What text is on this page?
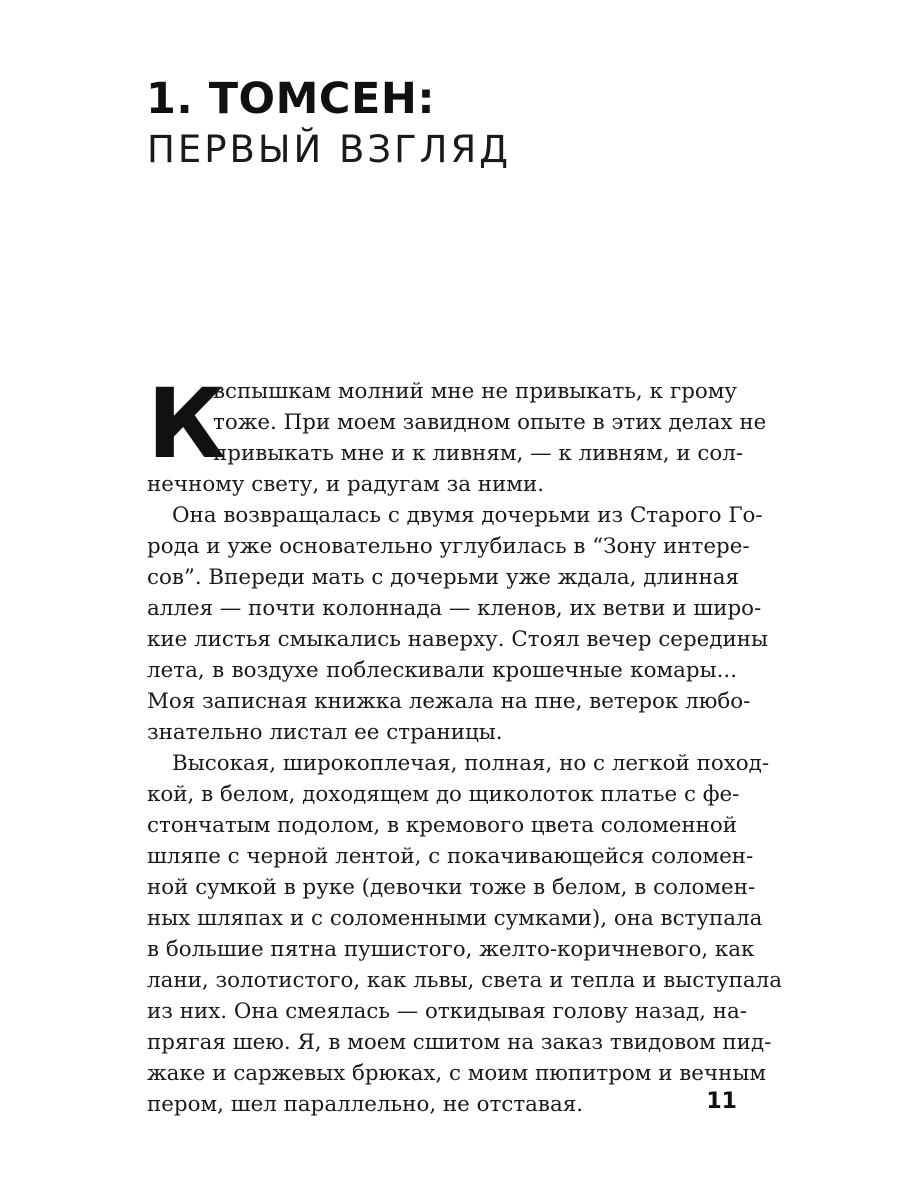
1. ТОМСЕН:
ПЕРВЫЙ ВЗГЛЯД
К
вспышкам молний мне не привыкать, к грому
тоже. При моем завидном опыте в этих делах не
привыкать мне и к ливням, — к ливням, и сол-
нечному свету, и радугам за ними.
Она возвращалась с двумя дочерьми из Старого Го-
рода и уже основательно углубилась в “Зону интере-
сов”. Впереди мать с дочерьми уже ждала, длинная
аллея — почти колоннада — кленов, их ветви и широ-
кие листья смыкались наверху. Стоял вечер середины
лета, в воздухе поблескивали крошечные комары...
Моя записная книжка лежала на пне, ветерок любо-
знательно листал ее страницы.
Высокая, широкоплечая, полная, но с легкой поход-
кой, в белом, доходящем до щиколоток платье с фе-
стончатым подолом, в кремового цвета соломенной
шляпе с черной лентой, с покачивающейся соломен-
ной сумкой в руке (девочки тоже в белом, в соломен-
ных шляпах и с соломенными сумками), она вступала
в большие пятна пушистого, желто-коричневого, как
лани, золотистого, как львы, света и тепла и выступала
из них. Она смеялась — откидывая голову назад, на-
прягая шею. Я, в моем сшитом на заказ твидовом пид-
жаке и саржевых брюках, с моим пюпитром и вечным
пером, шел параллельно, не отставая.	11
